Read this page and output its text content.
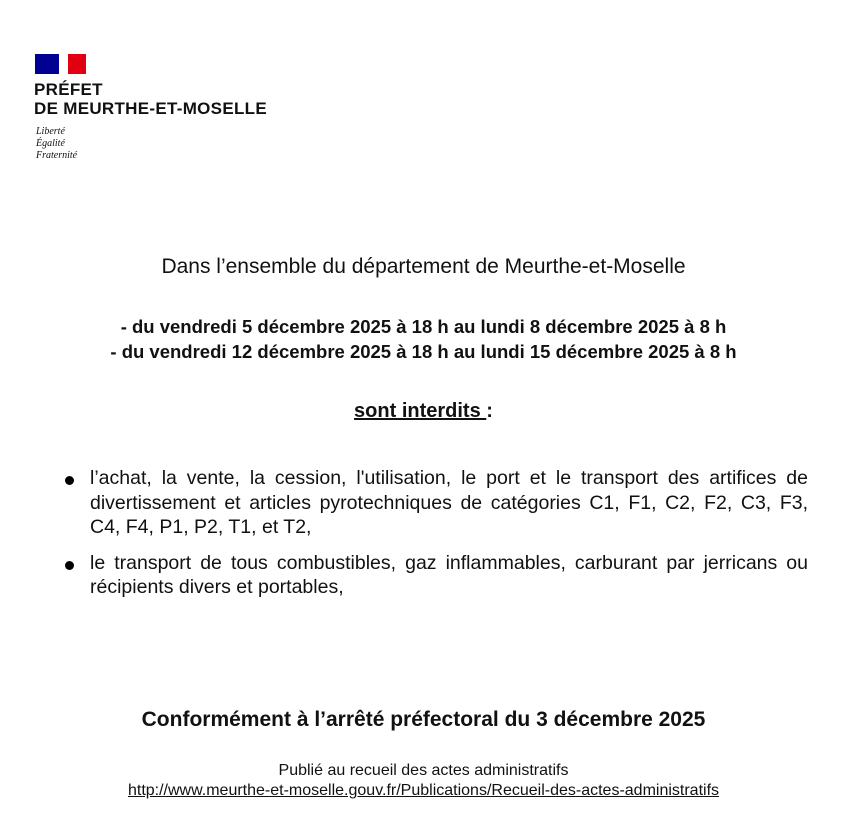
PRÉFET
DE MEURTHE-ET-MOSELLE
Liberté
Égalité
Fraternité
Dans l’ensemble du département de Meurthe-et-Moselle
- du vendredi 5 décembre 2025 à 18 h au lundi 8 décembre 2025 à 8 h
- du vendredi 12 décembre 2025 à 18 h au lundi 15 décembre 2025 à 8 h
sont interdits :
l’achat, la vente, la cession, l'utilisation, le port et le transport des artifices de divertissement et articles pyrotechniques de catégories C1, F1, C2, F2, C3, F3, C4, F4, P1, P2, T1, et T2,
le transport de tous combustibles, gaz inflammables, carburant par jerricans ou récipients divers et portables,
Conformément à l’arrêté préfectoral du 3 décembre 2025
Publié au recueil des actes administratifs
http://www.meurthe-et-moselle.gouv.fr/Publications/Recueil-des-actes-administratifs
